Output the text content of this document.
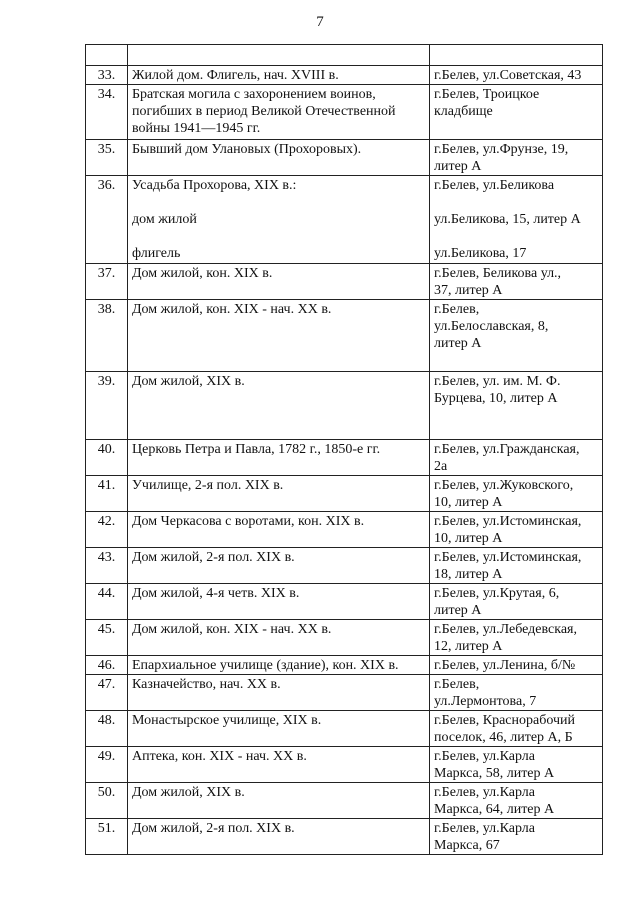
7

33.	Жилой дом. Флигель, нач. XVIII в.	г.Белев, ул.Советская, 43
34.	Братская могила с захоронением воинов,
погибших в период Великой Отечественной
войны 1941—1945 гг.	г.Белев, Троицкое
кладбище

35.	Бывший дом Улановых (Прохоровых).	г.Белев, ул.Фрунзе, 19,
литер А

36.	Усадьба Прохорова, XIX в.:
дом жилой
флигель	г.Белев, ул.Беликова
ул.Беликова, 15, литер А
ул.Беликова, 17

37.	Дом жилой, кон. XIX в.	г.Белев, Беликова ул.,
37, литер А

38.	Дом жилой, кон. XIX - нач. XX в.	г.Белев,
ул.Белославская, 8,
литер А

39.	Дом жилой, XIX в.	г.Белев, ул. им. М. Ф.
Бурцева, 10, литер А

40.	Церковь Петра и Павла, 1782 г., 1850-е гг.	г.Белев, ул.Гражданская,
2а

41.	Училище, 2-я пол. XIX в.	г.Белев, ул.Жуковского,
10, литер А

42.	Дом Черкасова с воротами, кон. XIX в.	г.Белев, ул.Истоминская,
10, литер А

43.	Дом жилой, 2-я пол. XIX в.	г.Белев, ул.Истоминская,
18, литер А

44.	Дом жилой, 4-я четв. XIX в.	г.Белев, ул.Крутая, 6,
литер А

45.	Дом жилой, кон. XIX - нач. XX в.	г.Белев, ул.Лебедевская,
12, литер А

46.	Епархиальное училище (здание), кон. XIX в.	г.Белев, ул.Ленина, б/№
47.	Казначейство, нач. XX в.	г.Белев,
ул.Лермонтова, 7

48.	Монастырское училище, XIX в.	г.Белев, Краснорабочий
поселок, 46, литер А, Б

49.	Аптека, кон. XIX - нач. XX в.	г.Белев, ул.Карла
Маркса, 58, литер А

50.	Дом жилой, XIX в.	г.Белев, ул.Карла
Маркса, 64, литер А

51.	Дом жилой, 2-я пол. XIX в.	г.Белев, ул.Карла
Маркса, 67
